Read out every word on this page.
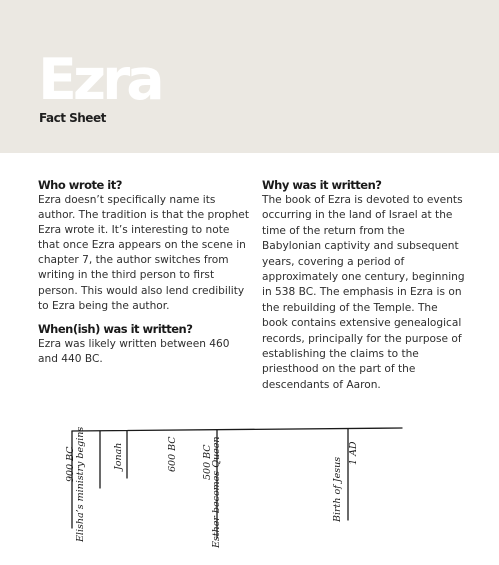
Ezra
Fact Sheet
Who wrote it?

Ezra doesn’t specifically name its author. The tradition is that the prophet Ezra wrote it. It’s interesting to note that once Ezra appears on the scene in chapter 7, the author switches from writing in the third person to first person. This would also lend credibility to Ezra being the author.

When(ish) was it written?

Ezra was likely written between 460 and 440 BC.

Why was it written?

The book of Ezra is devoted to events occurring in the land of Israel at the time of the return from the Babylonian captivity and subsequent years, covering a period of approximately one century, beginning in 538 BC. The emphasis in Ezra is on the rebuilding of the Temple. The book contains extensive genealogical records, principally for the purpose of establishing the claims to the priesthood on the part of the descendants of Aaron.

900 BC Elisha’s ministry begins	Jonah	600 BC	500 BC
Esther becomes Queen	Birth of Jesus
1 AD
